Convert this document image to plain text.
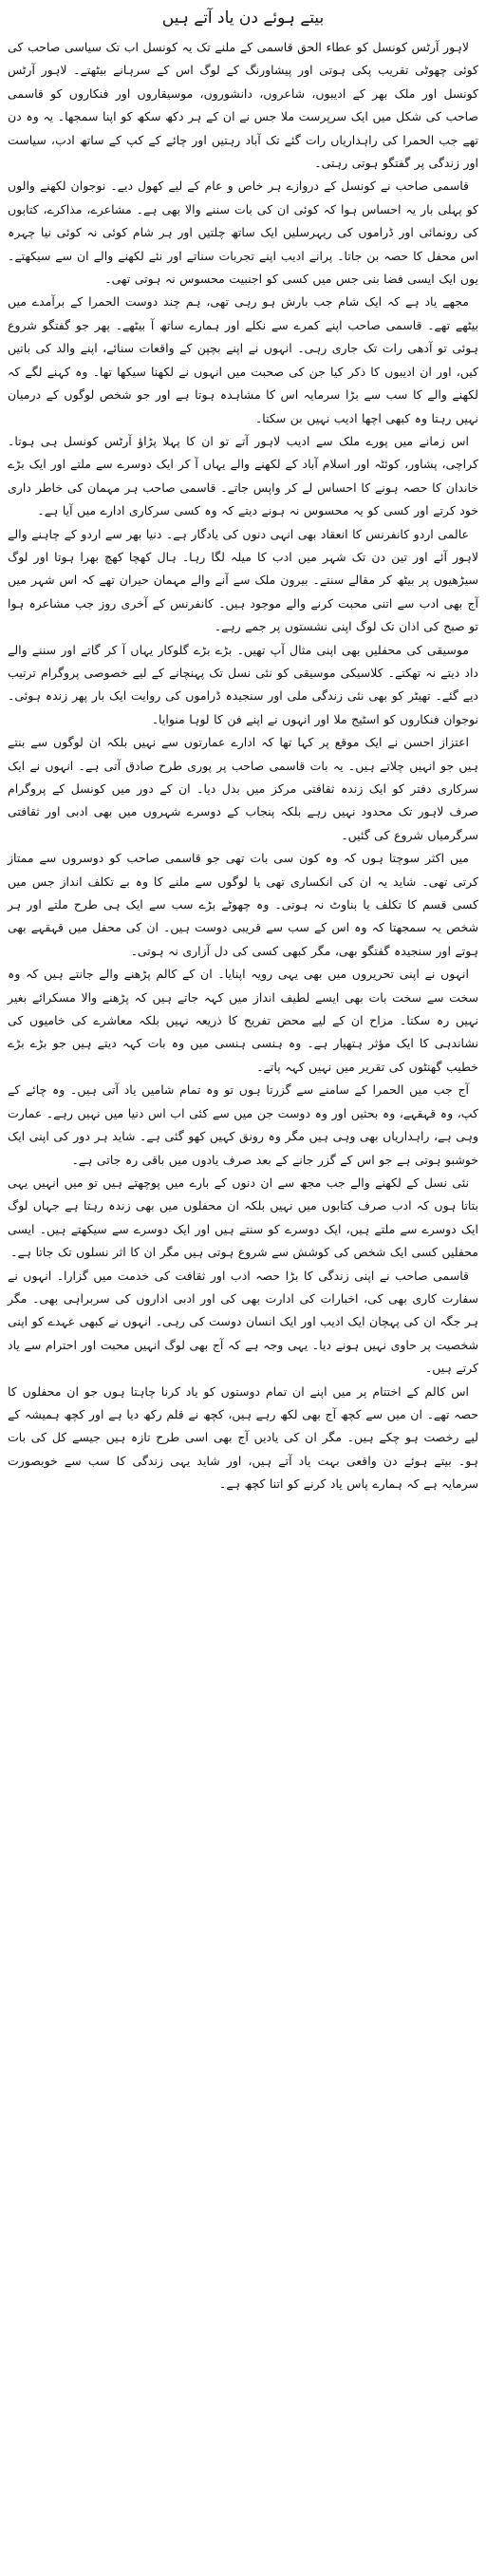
بیتے ہوئے دن یاد آتے ہیں
لاہور آرٹس کونسل کو عطاء الحق قاسمی کے ملنے تک یہ کونسل اب تک سیاسی صاحب کی کوئی چھوٹی تقریب پکی ہوتی اور پیشاورنگ کے لوگ اس کے سرہانے بیٹھتے۔ لاہور آرٹس کونسل اور ملک بھر کے ادیبوں، شاعروں، دانشوروں، موسیقاروں اور فنکاروں کو قاسمی صاحب کی شکل میں ایک سرپرست ملا جس نے ان کے ہر دکھ سکھ کو اپنا سمجھا۔ یہ وہ دن تھے جب الحمرا کی راہداریاں رات گئے تک آباد رہتیں اور چائے کے کپ کے ساتھ ادب، سیاست اور زندگی پر گفتگو ہوتی رہتی۔
قاسمی صاحب نے کونسل کے دروازے ہر خاص و عام کے لیے کھول دیے۔ نوجوان لکھنے والوں کو پہلی بار یہ احساس ہوا کہ کوئی ان کی بات سننے والا بھی ہے۔ مشاعرے، مذاکرے، کتابوں کی رونمائی اور ڈراموں کی ریہرسلیں ایک ساتھ چلتیں اور ہر شام کوئی نہ کوئی نیا چہرہ اس محفل کا حصہ بن جاتا۔ پرانے ادیب اپنے تجربات سناتے اور نئے لکھنے والے ان سے سیکھتے۔ یوں ایک ایسی فضا بنی جس میں کسی کو اجنبیت محسوس نہ ہوتی تھی۔
مجھے یاد ہے کہ ایک شام جب بارش ہو رہی تھی، ہم چند دوست الحمرا کے برآمدے میں بیٹھے تھے۔ قاسمی صاحب اپنے کمرے سے نکلے اور ہمارے ساتھ آ بیٹھے۔ پھر جو گفتگو شروع ہوئی تو آدھی رات تک جاری رہی۔ انہوں نے اپنے بچپن کے واقعات سنائے، اپنے والد کی باتیں کیں، اور ان ادیبوں کا ذکر کیا جن کی صحبت میں انہوں نے لکھنا سیکھا تھا۔ وہ کہنے لگے کہ لکھنے والے کا سب سے بڑا سرمایہ اس کا مشاہدہ ہوتا ہے اور جو شخص لوگوں کے درمیان نہیں رہتا وہ کبھی اچھا ادیب نہیں بن سکتا۔
اس زمانے میں پورے ملک سے ادیب لاہور آتے تو ان کا پہلا پڑاؤ آرٹس کونسل ہی ہوتا۔ کراچی، پشاور، کوئٹہ اور اسلام آباد کے لکھنے والے یہاں آ کر ایک دوسرے سے ملتے اور ایک بڑے خاندان کا حصہ ہونے کا احساس لے کر واپس جاتے۔ قاسمی صاحب ہر مہمان کی خاطر داری خود کرتے اور کسی کو یہ محسوس نہ ہونے دیتے کہ وہ کسی سرکاری ادارے میں آیا ہے۔
عالمی اردو کانفرنس کا انعقاد بھی انہی دنوں کی یادگار ہے۔ دنیا بھر سے اردو کے چاہنے والے لاہور آئے اور تین دن تک شہر میں ادب کا میلہ لگا رہا۔ ہال کھچا کھچ بھرا ہوتا اور لوگ سیڑھیوں پر بیٹھ کر مقالے سنتے۔ بیرون ملک سے آنے والے مہمان حیران تھے کہ اس شہر میں آج بھی ادب سے اتنی محبت کرنے والے موجود ہیں۔ کانفرنس کے آخری روز جب مشاعرہ ہوا تو صبح کی اذان تک لوگ اپنی نشستوں پر جمے رہے۔
موسیقی کی محفلیں بھی اپنی مثال آپ تھیں۔ بڑے بڑے گلوکار یہاں آ کر گاتے اور سننے والے داد دیتے نہ تھکتے۔ کلاسیکی موسیقی کو نئی نسل تک پہنچانے کے لیے خصوصی پروگرام ترتیب دیے گئے۔ تھیٹر کو بھی نئی زندگی ملی اور سنجیدہ ڈراموں کی روایت ایک بار پھر زندہ ہوئی۔ نوجوان فنکاروں کو اسٹیج ملا اور انہوں نے اپنے فن کا لوہا منوایا۔
اعتزاز احسن نے ایک موقع پر کہا تھا کہ ادارے عمارتوں سے نہیں بلکہ ان لوگوں سے بنتے ہیں جو انہیں چلاتے ہیں۔ یہ بات قاسمی صاحب پر پوری طرح صادق آتی ہے۔ انہوں نے ایک سرکاری دفتر کو ایک زندہ ثقافتی مرکز میں بدل دیا۔ ان کے دور میں کونسل کے پروگرام صرف لاہور تک محدود نہیں رہے بلکہ پنجاب کے دوسرے شہروں میں بھی ادبی اور ثقافتی سرگرمیاں شروع کی گئیں۔
میں اکثر سوچتا ہوں کہ وہ کون سی بات تھی جو قاسمی صاحب کو دوسروں سے ممتاز کرتی تھی۔ شاید یہ ان کی انکساری تھی یا لوگوں سے ملنے کا وہ بے تکلف انداز جس میں کسی قسم کا تکلف یا بناوٹ نہ ہوتی۔ وہ چھوٹے بڑے سب سے ایک ہی طرح ملتے اور ہر شخص یہ سمجھتا کہ وہ اس کے سب سے قریبی دوست ہیں۔ ان کی محفل میں قہقہے بھی ہوتے اور سنجیدہ گفتگو بھی، مگر کبھی کسی کی دل آزاری نہ ہوتی۔
انہوں نے اپنی تحریروں میں بھی یہی رویہ اپنایا۔ ان کے کالم پڑھنے والے جانتے ہیں کہ وہ سخت سے سخت بات بھی ایسے لطیف انداز میں کہہ جاتے ہیں کہ پڑھنے والا مسکرائے بغیر نہیں رہ سکتا۔ مزاح ان کے لیے محض تفریح کا ذریعہ نہیں بلکہ معاشرے کی خامیوں کی نشاندہی کا ایک مؤثر ہتھیار ہے۔ وہ ہنسی ہنسی میں وہ بات کہہ دیتے ہیں جو بڑے بڑے خطیب گھنٹوں کی تقریر میں نہیں کہہ پاتے۔
آج جب میں الحمرا کے سامنے سے گزرتا ہوں تو وہ تمام شامیں یاد آتی ہیں۔ وہ چائے کے کپ، وہ قہقہے، وہ بحثیں اور وہ دوست جن میں سے کئی اب اس دنیا میں نہیں رہے۔ عمارت وہی ہے، راہداریاں بھی وہی ہیں مگر وہ رونق کہیں کھو گئی ہے۔ شاید ہر دور کی اپنی ایک خوشبو ہوتی ہے جو اس کے گزر جانے کے بعد صرف یادوں میں باقی رہ جاتی ہے۔
نئی نسل کے لکھنے والے جب مجھ سے ان دنوں کے بارے میں پوچھتے ہیں تو میں انہیں یہی بتاتا ہوں کہ ادب صرف کتابوں میں نہیں بلکہ ان محفلوں میں بھی زندہ رہتا ہے جہاں لوگ ایک دوسرے سے ملتے ہیں، ایک دوسرے کو سنتے ہیں اور ایک دوسرے سے سیکھتے ہیں۔ ایسی محفلیں کسی ایک شخص کی کوشش سے شروع ہوتی ہیں مگر ان کا اثر نسلوں تک جاتا ہے۔
قاسمی صاحب نے اپنی زندگی کا بڑا حصہ ادب اور ثقافت کی خدمت میں گزارا۔ انہوں نے سفارت کاری بھی کی، اخبارات کی ادارت بھی کی اور ادبی اداروں کی سربراہی بھی۔ مگر ہر جگہ ان کی پہچان ایک ادیب اور ایک انسان دوست کی رہی۔ انہوں نے کبھی عہدے کو اپنی شخصیت پر حاوی نہیں ہونے دیا۔ یہی وجہ ہے کہ آج بھی لوگ انہیں محبت اور احترام سے یاد کرتے ہیں۔
اس کالم کے اختتام پر میں اپنے ان تمام دوستوں کو یاد کرنا چاہتا ہوں جو ان محفلوں کا حصہ تھے۔ ان میں سے کچھ آج بھی لکھ رہے ہیں، کچھ نے قلم رکھ دیا ہے اور کچھ ہمیشہ کے لیے رخصت ہو چکے ہیں۔ مگر ان کی یادیں آج بھی اسی طرح تازہ ہیں جیسے کل کی بات ہو۔ بیتے ہوئے دن واقعی بہت یاد آتے ہیں، اور شاید یہی زندگی کا سب سے خوبصورت سرمایہ ہے کہ ہمارے پاس یاد کرنے کو اتنا کچھ ہے۔
